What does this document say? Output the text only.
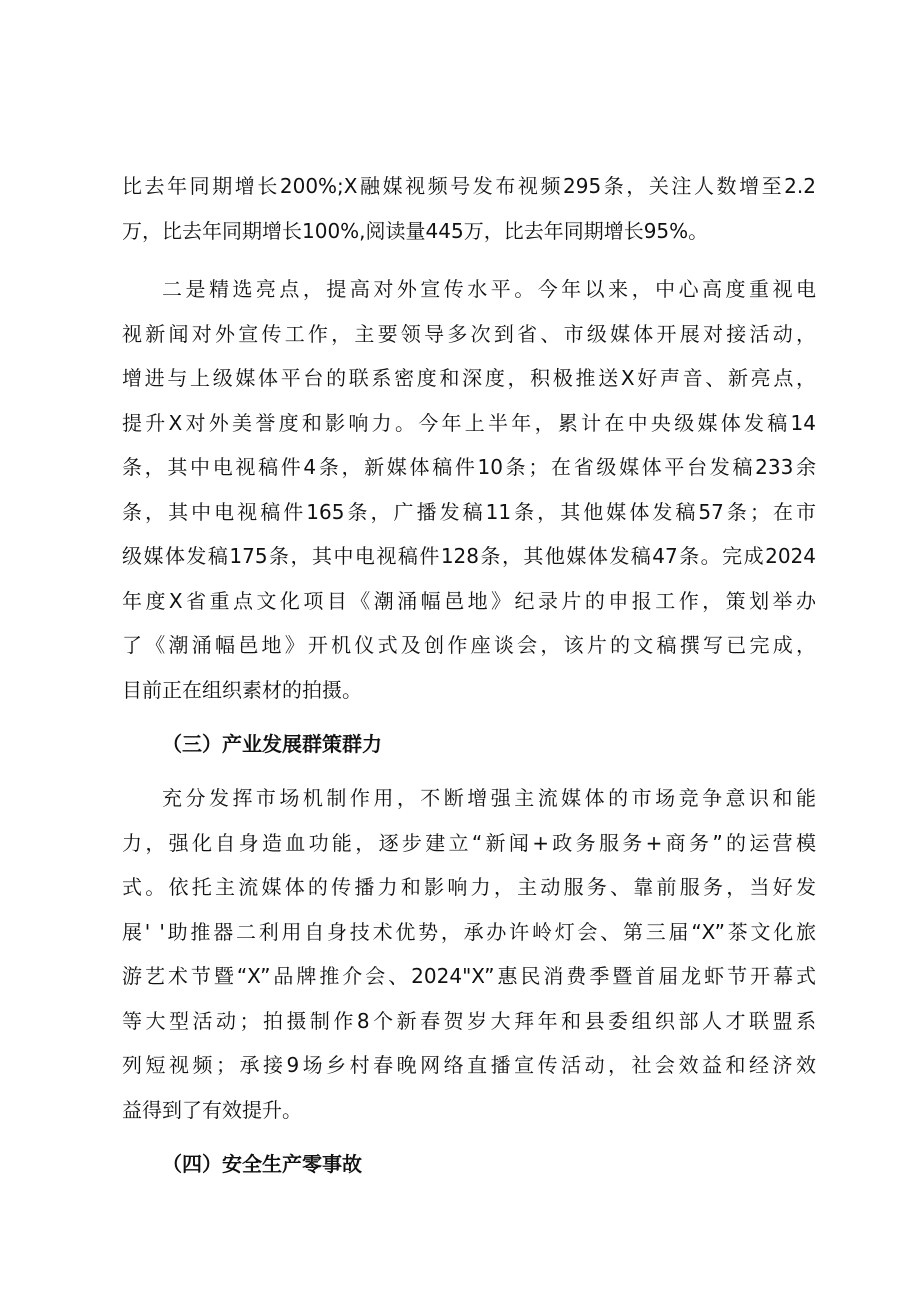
比去年同期增长200%;X融媒视频号发布视频295条，关注人数增至2.2
万，比去年同期增长100%,阅读量445万，比去年同期增长95%。
二是精选亮点，提高对外宣传水平。今年以来，中心高度重视电
视新闻对外宣传工作，主要领导多次到省、市级媒体开展对接活动，
增进与上级媒体平台的联系密度和深度，积极推送X好声音、新亮点，
提升X对外美誉度和影响力。今年上半年，累计在中央级媒体发稿14
条，其中电视稿件4条，新媒体稿件10条；在省级媒体平台发稿233余
条，其中电视稿件165条，广播发稿11条，其他媒体发稿57条；在市
级媒体发稿175条，其中电视稿件128条，其他媒体发稿47条。完成2024
年度X省重点文化项目《潮涌幅邑地》纪录片的申报工作，策划举办
了《潮涌幅邑地》开机仪式及创作座谈会，该片的文稿撰写已完成，
目前正在组织素材的拍摄。
（三）产业发展群策群力
充分发挥市场机制作用，不断增强主流媒体的市场竞争意识和能
力，强化自身造血功能，逐步建立“新闻+政务服务+商务”的运营模
式。依托主流媒体的传播力和影响力，主动服务、靠前服务，当好发
展' '助推器二利用自身技术优势，承办许岭灯会、第三届“X”茶文化旅
游艺术节暨“X”品牌推介会、2024"X”惠民消费季暨首届龙虾节开幕式
等大型活动；拍摄制作8个新春贺岁大拜年和县委组织部人才联盟系
列短视频；承接9场乡村春晚网络直播宣传活动，社会效益和经济效
益得到了有效提升。
（四）安全生产零事故
